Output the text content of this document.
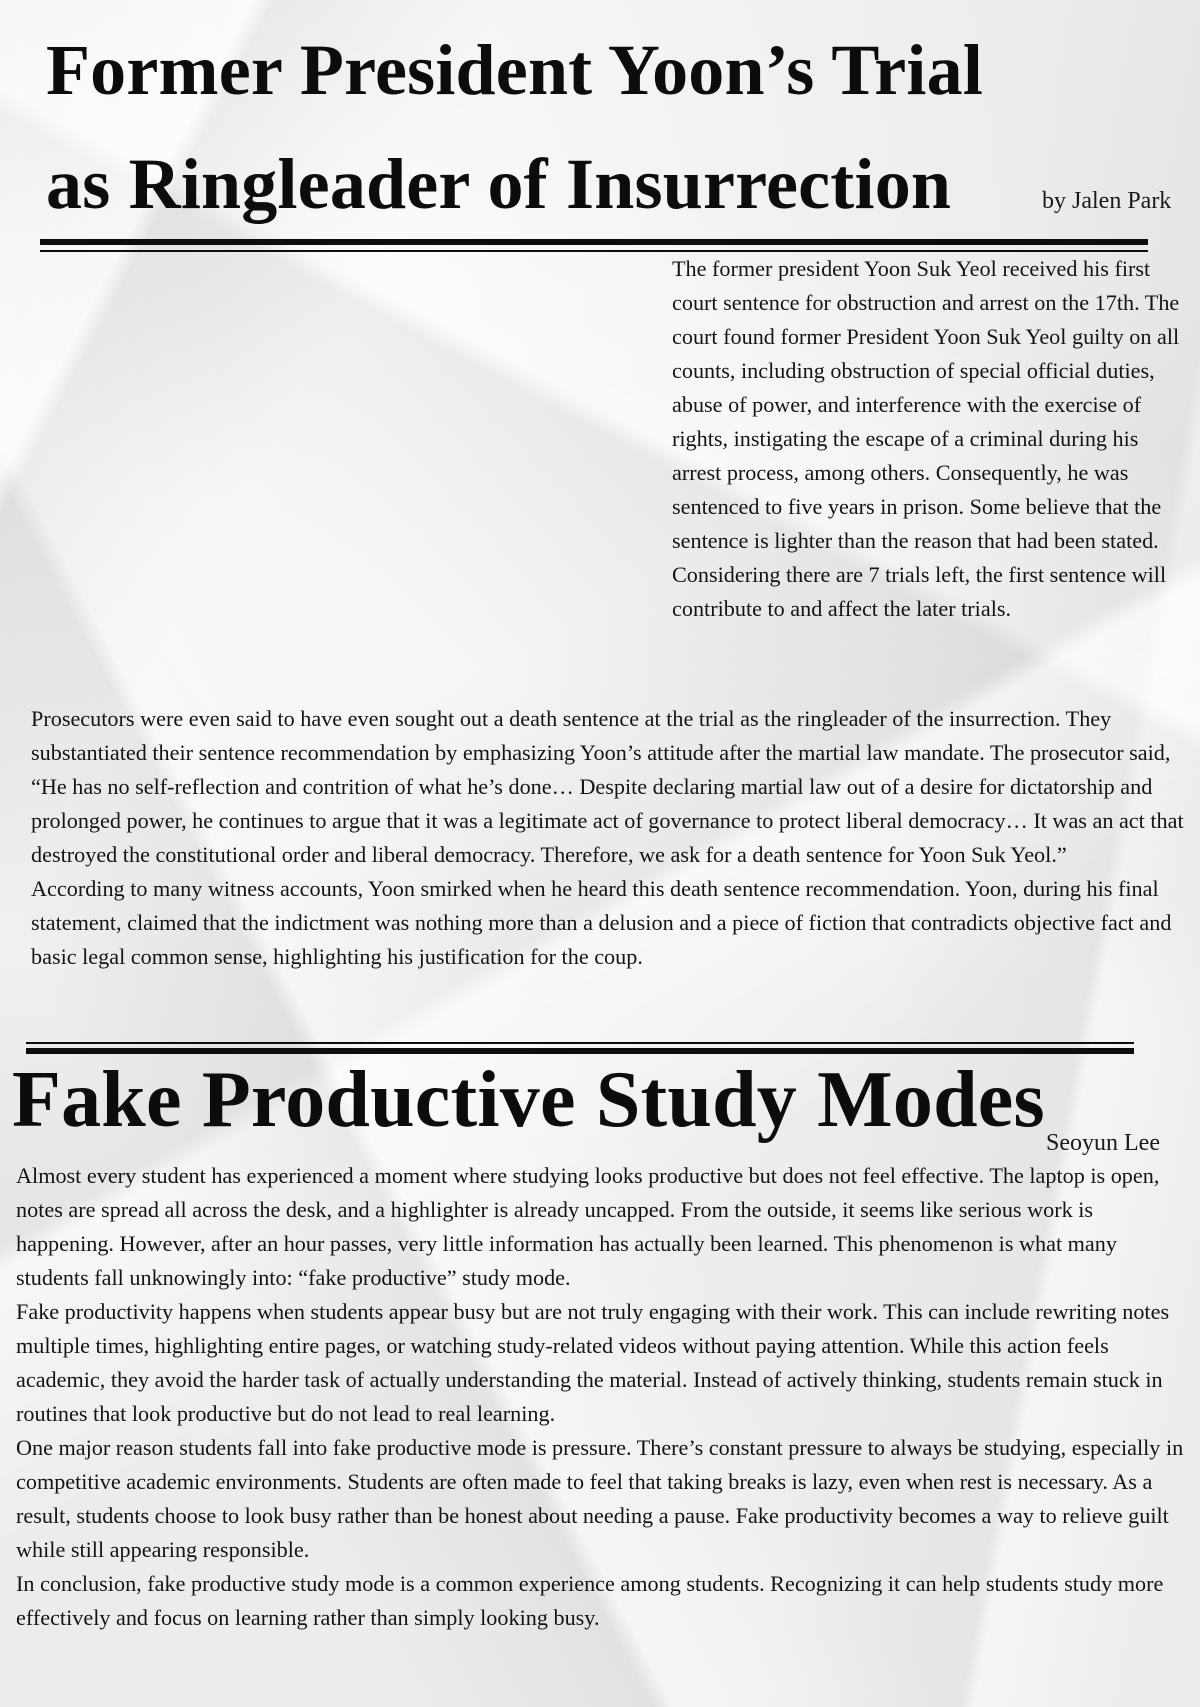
Former President Yoon’s Trial
as Ringleader of Insurrection	by Jalen Park

The former president Yoon Suk Yeol received his first court sentence for obstruction and arrest on the 17th. The court found former President Yoon Suk Yeol guilty on all counts, including obstruction of special official duties, abuse of power, and interference with the exercise of rights, instigating the escape of a criminal during his arrest process, among others. Consequently, he was sentenced to five years in prison. Some believe that the sentence is lighter than the reason that had been stated. Considering there are 7 trials left, the first sentence will contribute to and affect the later trials.

Prosecutors were even said to have even sought out a death sentence at the trial as the ringleader of the insurrection. They substantiated their sentence recommendation by emphasizing Yoon’s attitude after the martial law mandate. The prosecutor said, “He has no self-reflection and contrition of what he’s done… Despite declaring martial law out of a desire for dictatorship and prolonged power, he continues to argue that it was a legitimate act of governance to protect liberal democracy… It was an act that destroyed the constitutional order and liberal democracy. Therefore, we ask for a death sentence for Yoon Suk Yeol.”

According to many witness accounts, Yoon smirked when he heard this death sentence recommendation. Yoon, during his final statement, claimed that the indictment was nothing more than a delusion and a piece of fiction that contradicts objective fact and basic legal common sense, highlighting his justification for the coup.

Fake Productive Study Modes Seoyun Lee

Almost every student has experienced a moment where studying looks productive but does not feel effective. The laptop is open, notes are spread all across the desk, and a highlighter is already uncapped. From the outside, it seems like serious work is happening. However, after an hour passes, very little information has actually been learned. This phenomenon is what many students fall unknowingly into: “fake productive” study mode.

Fake productivity happens when students appear busy but are not truly engaging with their work. This can include rewriting notes multiple times, highlighting entire pages, or watching study-related videos without paying attention. While this action feels academic, they avoid the harder task of actually understanding the material. Instead of actively thinking, students remain stuck in routines that look productive but do not lead to real learning.

One major reason students fall into fake productive mode is pressure. There’s constant pressure to always be studying, especially in competitive academic environments. Students are often made to feel that taking breaks is lazy, even when rest is necessary. As a result, students choose to look busy rather than be honest about needing a pause. Fake productivity becomes a way to relieve guilt while still appearing responsible.

In conclusion, fake productive study mode is a common experience among students. Recognizing it can help students study more effectively and focus on learning rather than simply looking busy.
